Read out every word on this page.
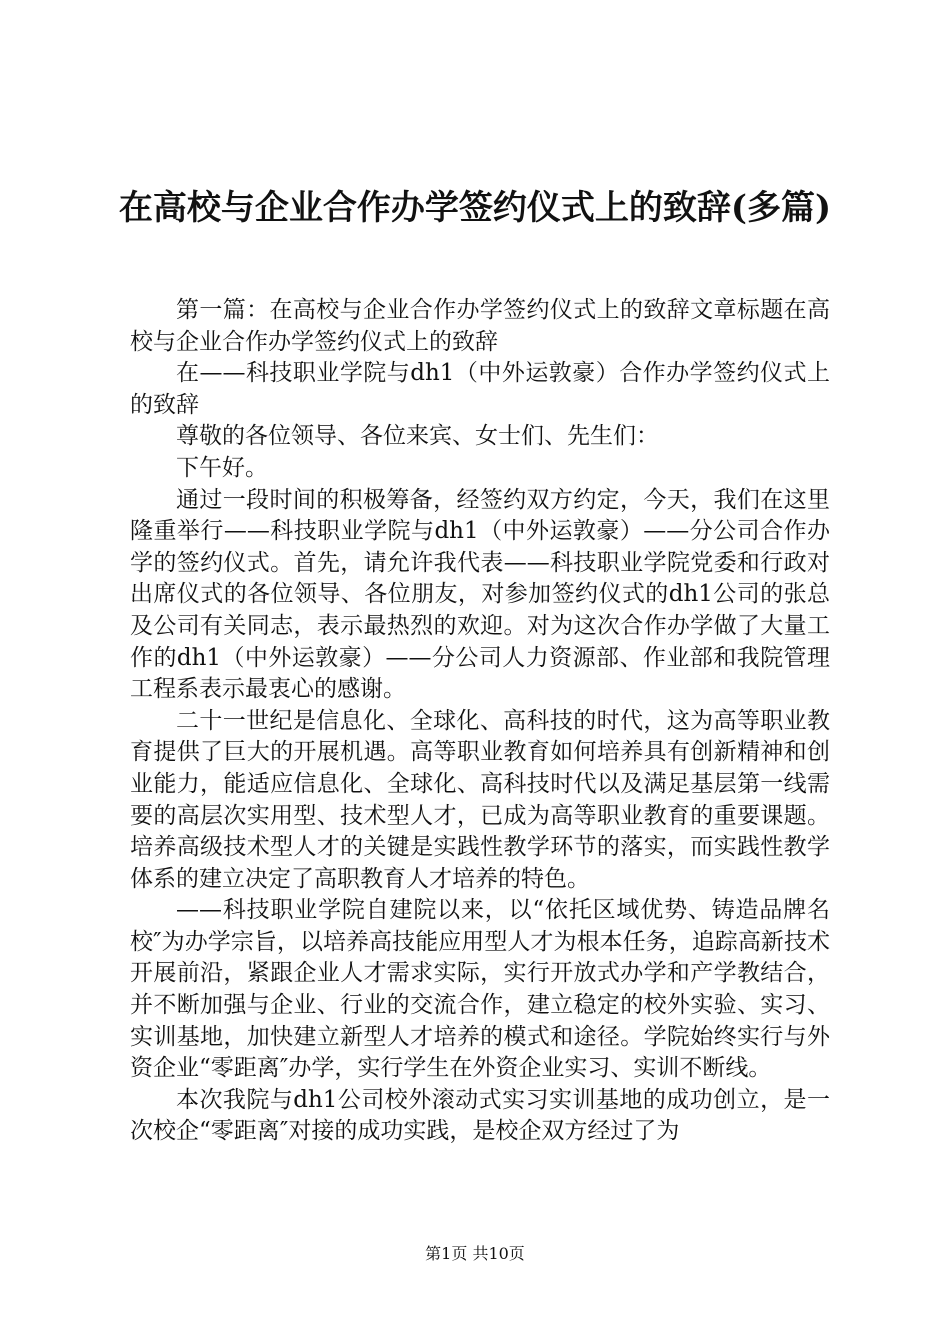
在高校与企业合作办学签约仪式上的致辞(多篇)

第一篇：在高校与企业合作办学签约仪式上的致辞文章标题在高校与企业合作办学签约仪式上的致辞

在——科技职业学院与dh1（中外运敦豪）合作办学签约仪式上的致辞

尊敬的各位领导、各位来宾、女士们、先生们：

下午好。

通过一段时间的积极筹备，经签约双方约定，今天，我们在这里隆重举行——科技职业学院与dh1（中外运敦豪）——分公司合作办学的签约仪式。首先，请允许我代表——科技职业学院党委和行政对出席仪式的各位领导、各位朋友，对参加签约仪式的dh1公司的张总及公司有关同志，表示最热烈的欢迎。对为这次合作办学做了大量工作的dh1（中外运敦豪）——分公司人力资源部、作业部和我院管理工程系表示最衷心的感谢。

二十一世纪是信息化、全球化、高科技的时代，这为高等职业教育提供了巨大的开展机遇。高等职业教育如何培养具有创新精神和创业能力，能适应信息化、全球化、高科技时代以及满足基层第一线需要的高层次实用型、技术型人才，已成为高等职业教育的重要课题。培养高级技术型人才的关键是实践性教学环节的落实，而实践性教学体系的建立决定了高职教育人才培养的特色。

——科技职业学院自建院以来，以“依托区域优势、铸造品牌名校″为办学宗旨，以培养高技能应用型人才为根本任务，追踪高新技术开展前沿，紧跟企业人才需求实际，实行开放式办学和产学教结合，并不断加强与企业、行业的交流合作，建立稳定的校外实验、实习、实训基地，加快建立新型人才培养的模式和途径。学院始终实行与外资企业“零距离″办学，实行学生在外资企业实习、实训不断线。

本次我院与dh1公司校外滚动式实习实训基地的成功创立，是一次校企“零距离″对接的成功实践，是校企双方经过了为

第1页 共10页
